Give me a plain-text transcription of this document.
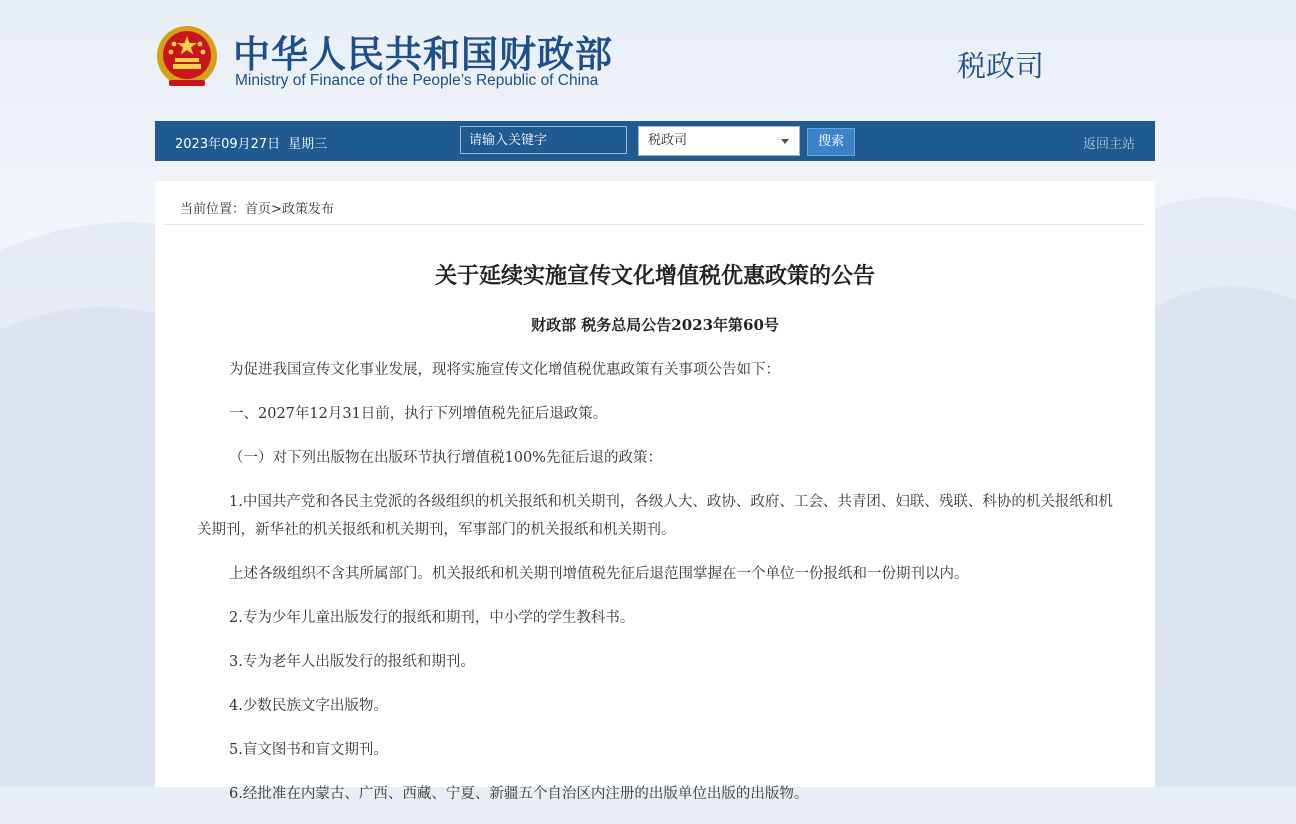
中华人民共和国财政部
Ministry of Finance of the People’s Republic of China	税政司
2023年09月27日 星期三
请输入关键字	税政司	搜索	返回主站
当前位置：首页>政策发布
关于延续实施宣传文化增值税优惠政策的公告
财政部 税务总局公告2023年第60号

为促进我国宣传文化事业发展，现将实施宣传文化增值税优惠政策有关事项公告如下：

一、2027年12月31日前，执行下列增值税先征后退政策。

（一）对下列出版物在出版环节执行增值税100%先征后退的政策：

1.中国共产党和各民主党派的各级组织的机关报纸和机关期刊，各级人大、政协、政府、工会、共青团、妇联、残联、科协的机关报纸和机关期刊，新华社的机关报纸和机关期刊，军事部门的机关报纸和机关期刊。

上述各级组织不含其所属部门。机关报纸和机关期刊增值税先征后退范围掌握在一个单位一份报纸和一份期刊以内。

2.专为少年儿童出版发行的报纸和期刊，中小学的学生教科书。

3.专为老年人出版发行的报纸和期刊。

4.少数民族文字出版物。

5.盲文图书和盲文期刊。

6.经批准在内蒙古、广西、西藏、宁夏、新疆五个自治区内注册的出版单位出版的出版物。
